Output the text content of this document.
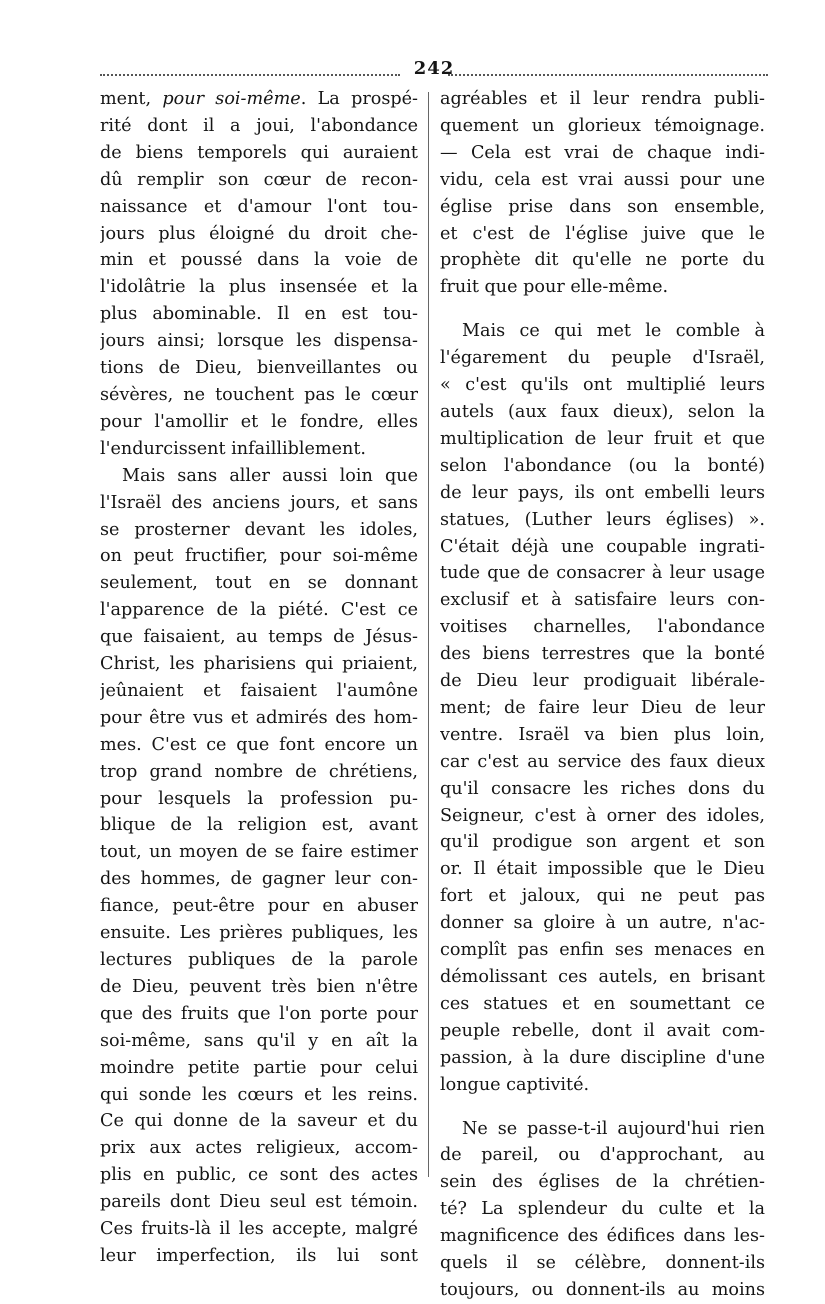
242
ment, pour soi-même. La prospé-
rité dont il a joui, l'abondance
de biens temporels qui auraient
dû remplir son cœur de recon-
naissance et d'amour l'ont tou-
jours plus éloigné du droit che-
min et poussé dans la voie de
l'idolâtrie la plus insensée et la
plus abominable. Il en est tou-
jours ainsi; lorsque les dispensa-
tions de Dieu, bienveillantes ou
sévères, ne touchent pas le cœur
pour l'amollir et le fondre, elles
l'endurcissent infailliblement.
Mais sans aller aussi loin que
l'Israël des anciens jours, et sans
se prosterner devant les idoles,
on peut fructifier, pour soi-même
seulement, tout en se donnant
l'apparence de la piété. C'est ce
que faisaient, au temps de Jésus-
Christ, les pharisiens qui priaient,
jeûnaient et faisaient l'aumône
pour être vus et admirés des hom-
mes. C'est ce que font encore un
trop grand nombre de chrétiens,
pour lesquels la profession pu-
blique de la religion est, avant
tout, un moyen de se faire estimer
des hommes, de gagner leur con-
fiance, peut-être pour en abuser
ensuite. Les prières publiques, les
lectures publiques de la parole
de Dieu, peuvent très bien n'être
que des fruits que l'on porte pour
soi-même, sans qu'il y en aît la
moindre petite partie pour celui
qui sonde les cœurs et les reins.
Ce qui donne de la saveur et du
prix aux actes religieux, accom-
plis en public, ce sont des actes
pareils dont Dieu seul est témoin.
Ces fruits-là il les accepte, malgré
leur imperfection, ils lui sont
agréables et il leur rendra publi-
quement un glorieux témoignage.
— Cela est vrai de chaque indi-
vidu, cela est vrai aussi pour une
église prise dans son ensemble,
et c'est de l'église juive que le
prophète dit qu'elle ne porte du
fruit que pour elle-même.
Mais ce qui met le comble à
l'égarement du peuple d'Israël,
« c'est qu'ils ont multiplié leurs
autels (aux faux dieux), selon la
multiplication de leur fruit et que
selon l'abondance (ou la bonté)
de leur pays, ils ont embelli leurs
statues, (Luther leurs églises) ».
C'était déjà une coupable ingrati-
tude que de consacrer à leur usage
exclusif et à satisfaire leurs con-
voitises charnelles, l'abondance
des biens terrestres que la bonté
de Dieu leur prodiguait libérale-
ment; de faire leur Dieu de leur
ventre. Israël va bien plus loin,
car c'est au service des faux dieux
qu'il consacre les riches dons du
Seigneur, c'est à orner des idoles,
qu'il prodigue son argent et son
or. Il était impossible que le Dieu
fort et jaloux, qui ne peut pas
donner sa gloire à un autre, n'ac-
complît pas enfin ses menaces en
démolissant ces autels, en brisant
ces statues et en soumettant ce
peuple rebelle, dont il avait com-
passion, à la dure discipline d'une
longue captivité.
Ne se passe-t-il aujourd'hui rien
de pareil, ou d'approchant, au
sein des églises de la chrétien-
té? La splendeur du culte et la
magnificence des édifices dans les-
quels il se célèbre, donnent-ils
toujours, ou donnent-ils au moins
